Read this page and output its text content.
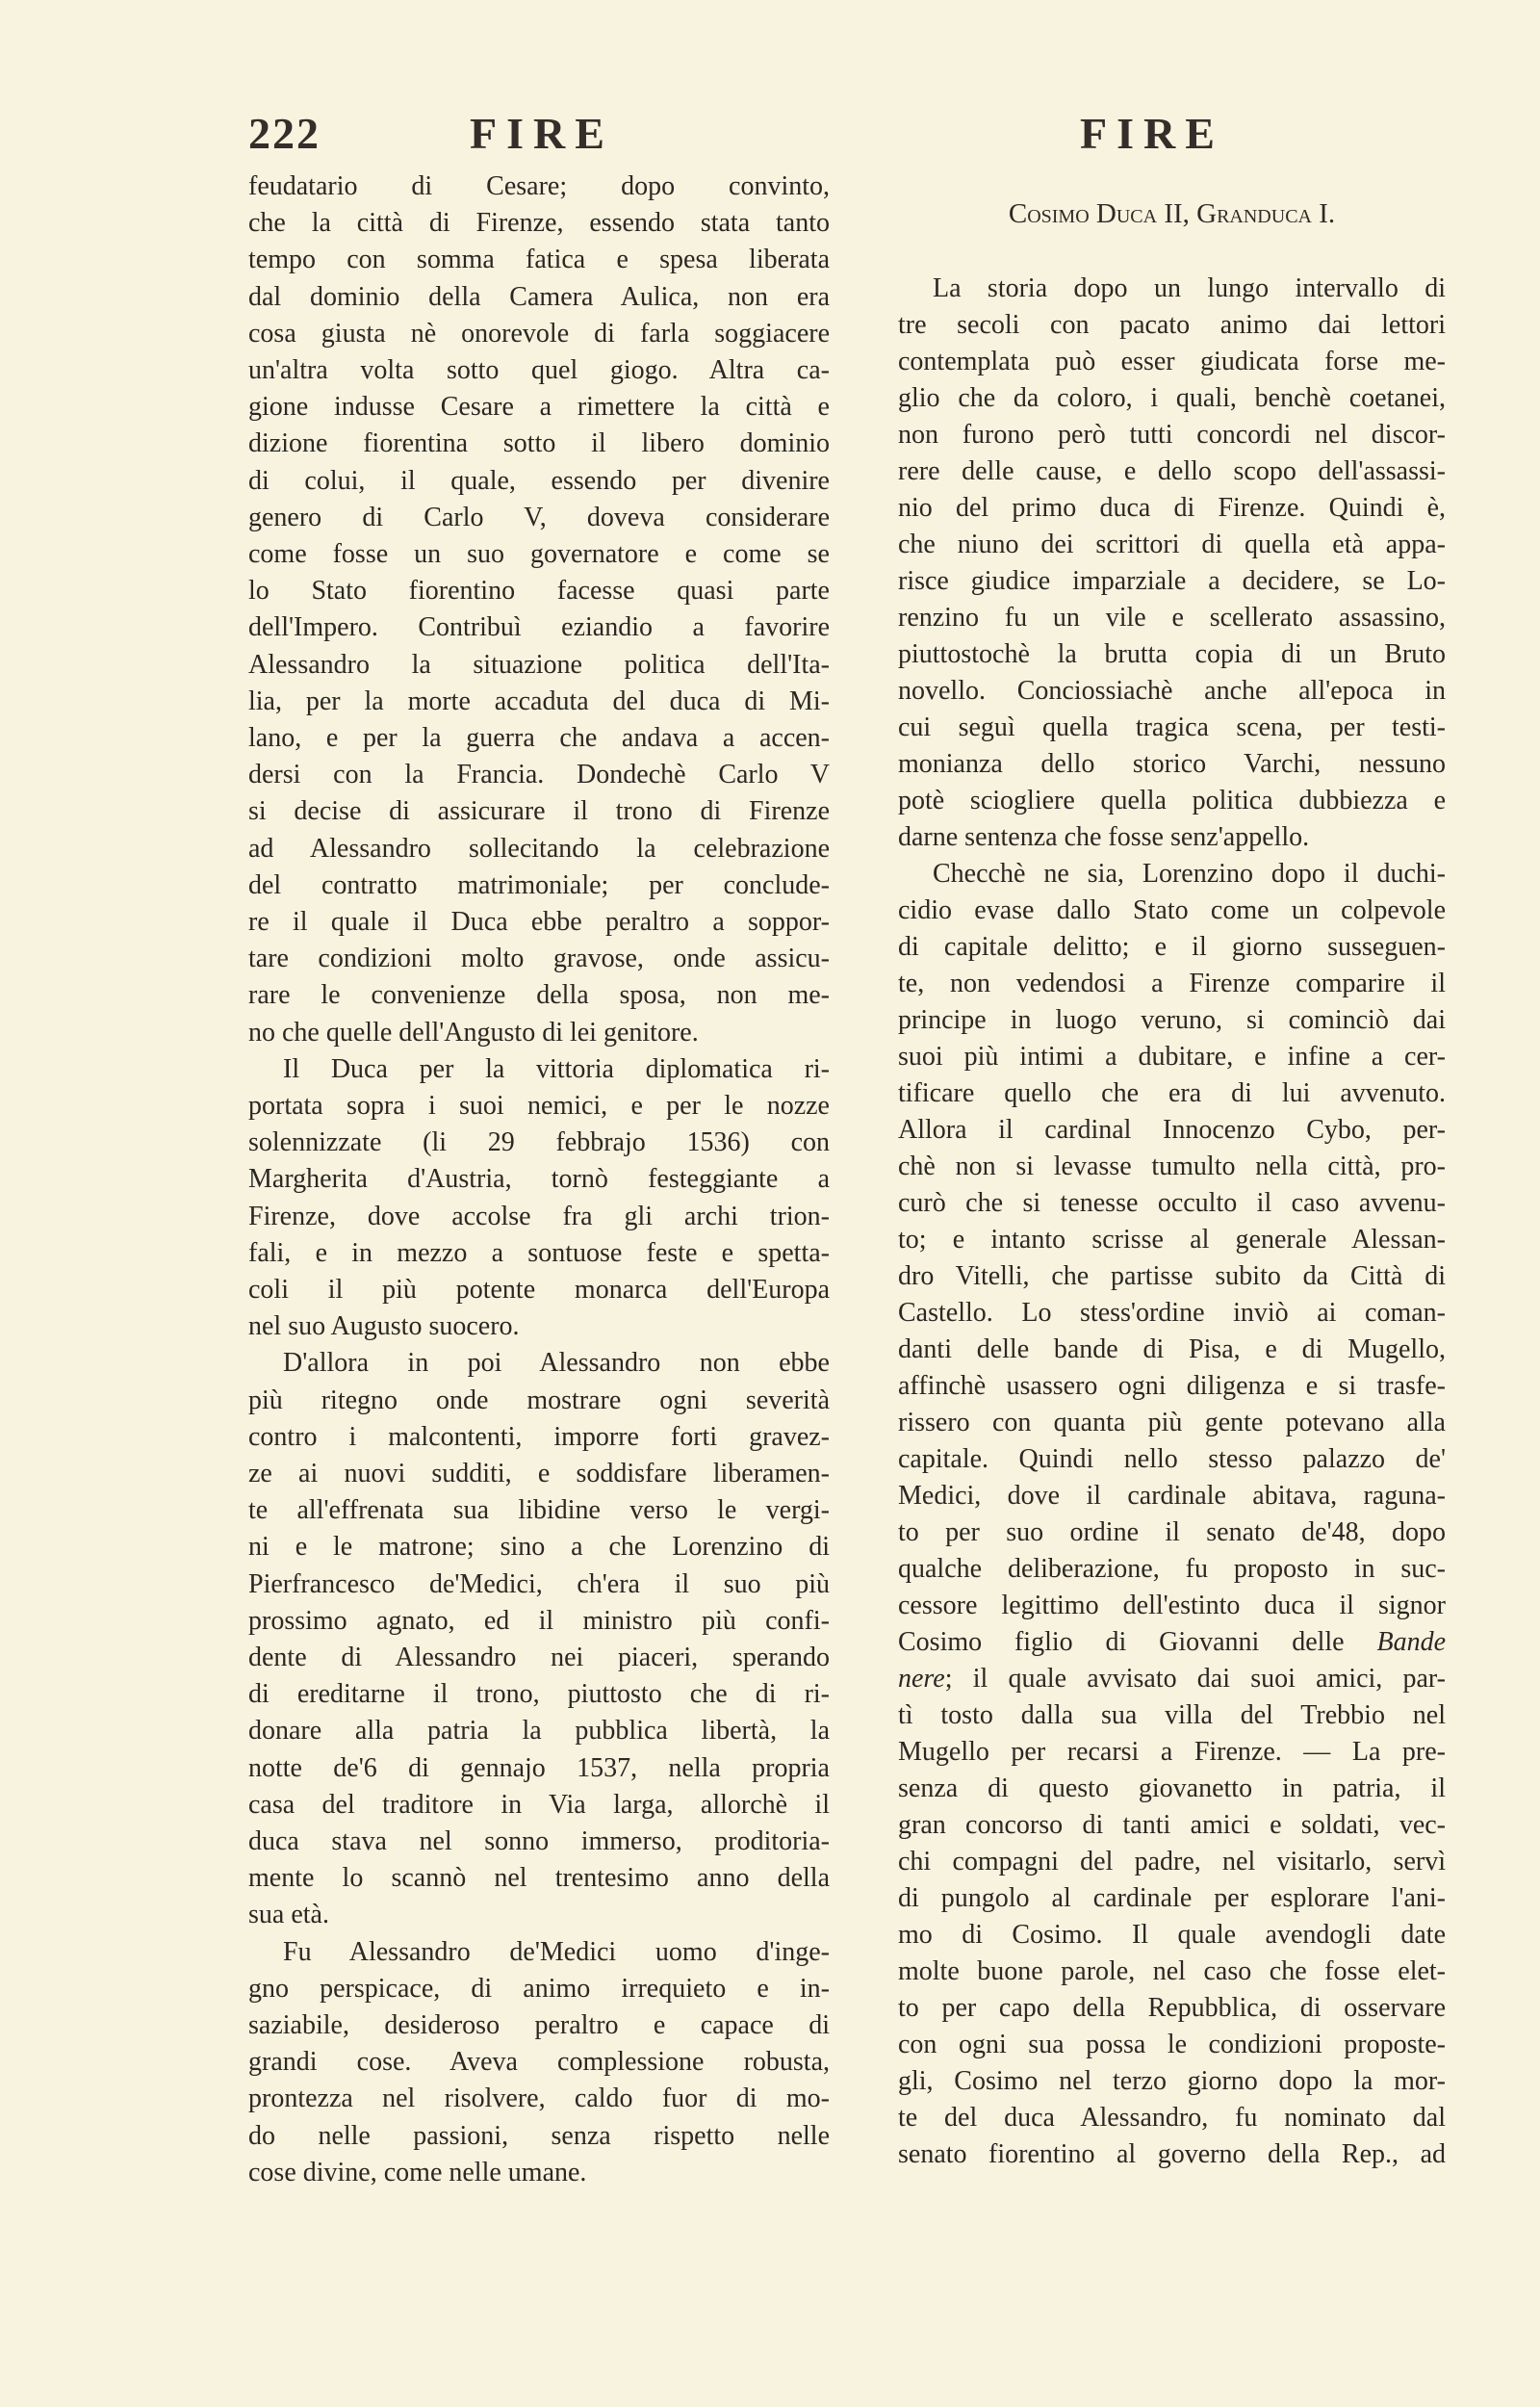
222	FIRE	FIRE
Cosimo Duca II, Granduca I.
feudatario di Cesare; dopo convinto,
che la città di Firenze, essendo stata tanto
tempo con somma fatica e spesa liberata
dal dominio della Camera Aulica, non era
cosa giusta nè onorevole di farla soggiacere
un'altra volta sotto quel giogo. Altra ca-
gione indusse Cesare a rimettere la città e
dizione fiorentina sotto il libero dominio
di colui, il quale, essendo per divenire
genero di Carlo V, doveva considerare
come fosse un suo governatore e come se
lo Stato fiorentino facesse quasi parte
dell'Impero. Contribuì eziandio a favorire
Alessandro la situazione politica dell'Ita-
lia, per la morte accaduta del duca di Mi-
lano, e per la guerra che andava a accen-
dersi con la Francia. Dondechè Carlo V
si decise di assicurare il trono di Firenze
ad Alessandro sollecitando la celebrazione
del contratto matrimoniale; per conclude-
re il quale il Duca ebbe peraltro a soppor-
tare condizioni molto gravose, onde assicu-
rare le convenienze della sposa, non me-
no che quelle dell'Angusto di lei genitore.
Il Duca per la vittoria diplomatica ri-
portata sopra i suoi nemici, e per le nozze
solennizzate (li 29 febbrajo 1536) con
Margherita d'Austria, tornò festeggiante a
Firenze, dove accolse fra gli archi trion-
fali, e in mezzo a sontuose feste e spetta-
coli il più potente monarca dell'Europa
nel suo Augusto suocero.
D'allora in poi Alessandro non ebbe
più ritegno onde mostrare ogni severità
contro i malcontenti, imporre forti gravez-
ze ai nuovi sudditi, e soddisfare liberamen-
te all'effrenata sua libidine verso le vergi-
ni e le matrone; sino a che Lorenzino di
Pierfrancesco de'Medici, ch'era il suo più
prossimo agnato, ed il ministro più confi-
dente di Alessandro nei piaceri, sperando
di ereditarne il trono, piuttosto che di ri-
donare alla patria la pubblica libertà, la
notte de'6 di gennajo 1537, nella propria
casa del traditore in Via larga, allorchè il
duca stava nel sonno immerso, proditoria-
mente lo scannò nel trentesimo anno della
sua età.
Fu Alessandro de'Medici uomo d'inge-
gno perspicace, di animo irrequieto e in-
saziabile, desideroso peraltro e capace di
grandi cose. Aveva complessione robusta,
prontezza nel risolvere, caldo fuor di mo-
do nelle passioni, senza rispetto nelle
cose divine, come nelle umane.
La storia dopo un lungo intervallo di
tre secoli con pacato animo dai lettori
contemplata può esser giudicata forse me-
glio che da coloro, i quali, benchè coetanei,
non furono però tutti concordi nel discor-
rere delle cause, e dello scopo dell'assassi-
nio del primo duca di Firenze. Quindi è,
che niuno dei scrittori di quella età appa-
risce giudice imparziale a decidere, se Lo-
renzino fu un vile e scellerato assassino,
piuttostochè la brutta copia di un Bruto
novello. Conciossiachè anche all'epoca in
cui seguì quella tragica scena, per testi-
monianza dello storico Varchi, nessuno
potè sciogliere quella politica dubbiezza e
darne sentenza che fosse senz'appello.
Checchè ne sia, Lorenzino dopo il duchi-
cidio evase dallo Stato come un colpevole
di capitale delitto; e il giorno susseguen-
te, non vedendosi a Firenze comparire il
principe in luogo veruno, si cominciò dai
suoi più intimi a dubitare, e infine a cer-
tificare quello che era di lui avvenuto.
Allora il cardinal Innocenzo Cybo, per-
chè non si levasse tumulto nella città, pro-
curò che si tenesse occulto il caso avvenu-
to; e intanto scrisse al generale Alessan-
dro Vitelli, che partisse subito da Città di
Castello. Lo stess'ordine inviò ai coman-
danti delle bande di Pisa, e di Mugello,
affinchè usassero ogni diligenza e si trasfe-
rissero con quanta più gente potevano alla
capitale. Quindi nello stesso palazzo de'
Medici, dove il cardinale abitava, raguna-
to per suo ordine il senato de'48, dopo
qualche deliberazione, fu proposto in suc-
cessore legittimo dell'estinto duca il signor
Cosimo figlio di Giovanni delle Bande
nere; il quale avvisato dai suoi amici, par-
tì tosto dalla sua villa del Trebbio nel
Mugello per recarsi a Firenze. — La pre-
senza di questo giovanetto in patria, il
gran concorso di tanti amici e soldati, vec-
chi compagni del padre, nel visitarlo, servì
di pungolo al cardinale per esplorare l'ani-
mo di Cosimo. Il quale avendogli date
molte buone parole, nel caso che fosse elet-
to per capo della Repubblica, di osservare
con ogni sua possa le condizioni proposte-
gli, Cosimo nel terzo giorno dopo la mor-
te del duca Alessandro, fu nominato dal
senato fiorentino al governo della Rep., ad
